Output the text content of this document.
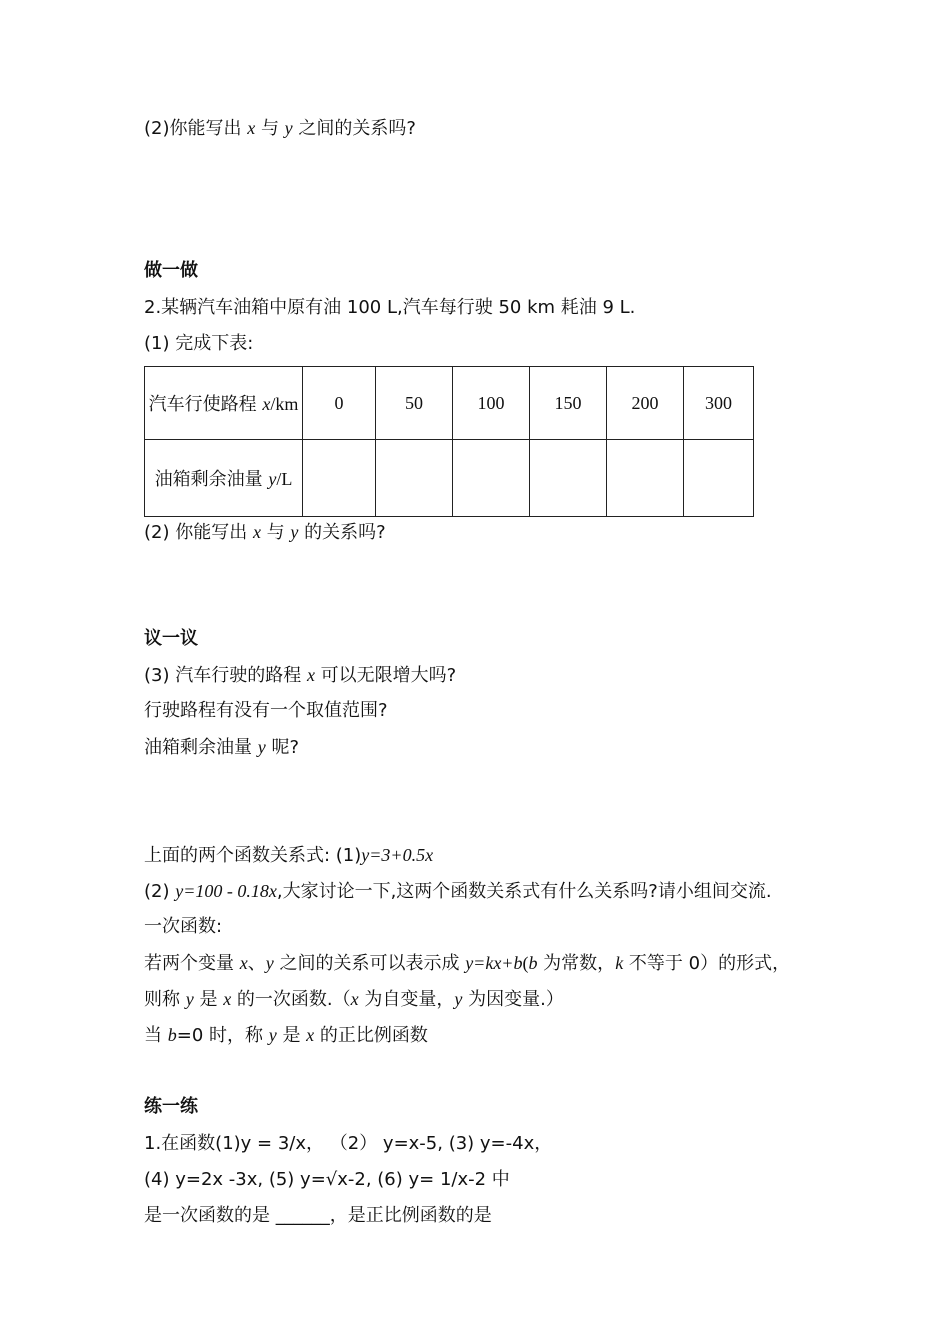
(2)你能写出 x 与 y 之间的关系吗?
做一做
2.某辆汽车油箱中原有油 100 L,汽车每行驶 50 km 耗油 9 L.
(1) 完成下表:
汽车行使路程 x/km	0	50	100	150	200	300
油箱剩余油量 y/L						
(2) 你能写出 x 与 y 的关系吗?
议一议
(3) 汽车行驶的路程 x 可以无限增大吗?
行驶路程有没有一个取值范围?
油箱剩余油量 y 呢?
上面的两个函数关系式: (1)y=3+0.5x
(2) y=100 - 0.18x,大家讨论一下,这两个函数关系式有什么关系吗?请小组间交流.
一次函数:
若两个变量 x、y 之间的关系可以表示成 y=kx+b(b 为常数，k 不等于 0）的形式，
则称 y 是 x 的一次函数.（x 为自变量，y 为因变量.）
当 b=0 时，称 y 是 x 的正比例函数
练一练
1.在函数(1)y = 3/x， （2） y=x-5, (3) y=-4x，
(4) y=2x -3x, (5) y=√x-2, (6) y= 1/x-2 中
是一次函数的是 ______，是正比例函数的是
